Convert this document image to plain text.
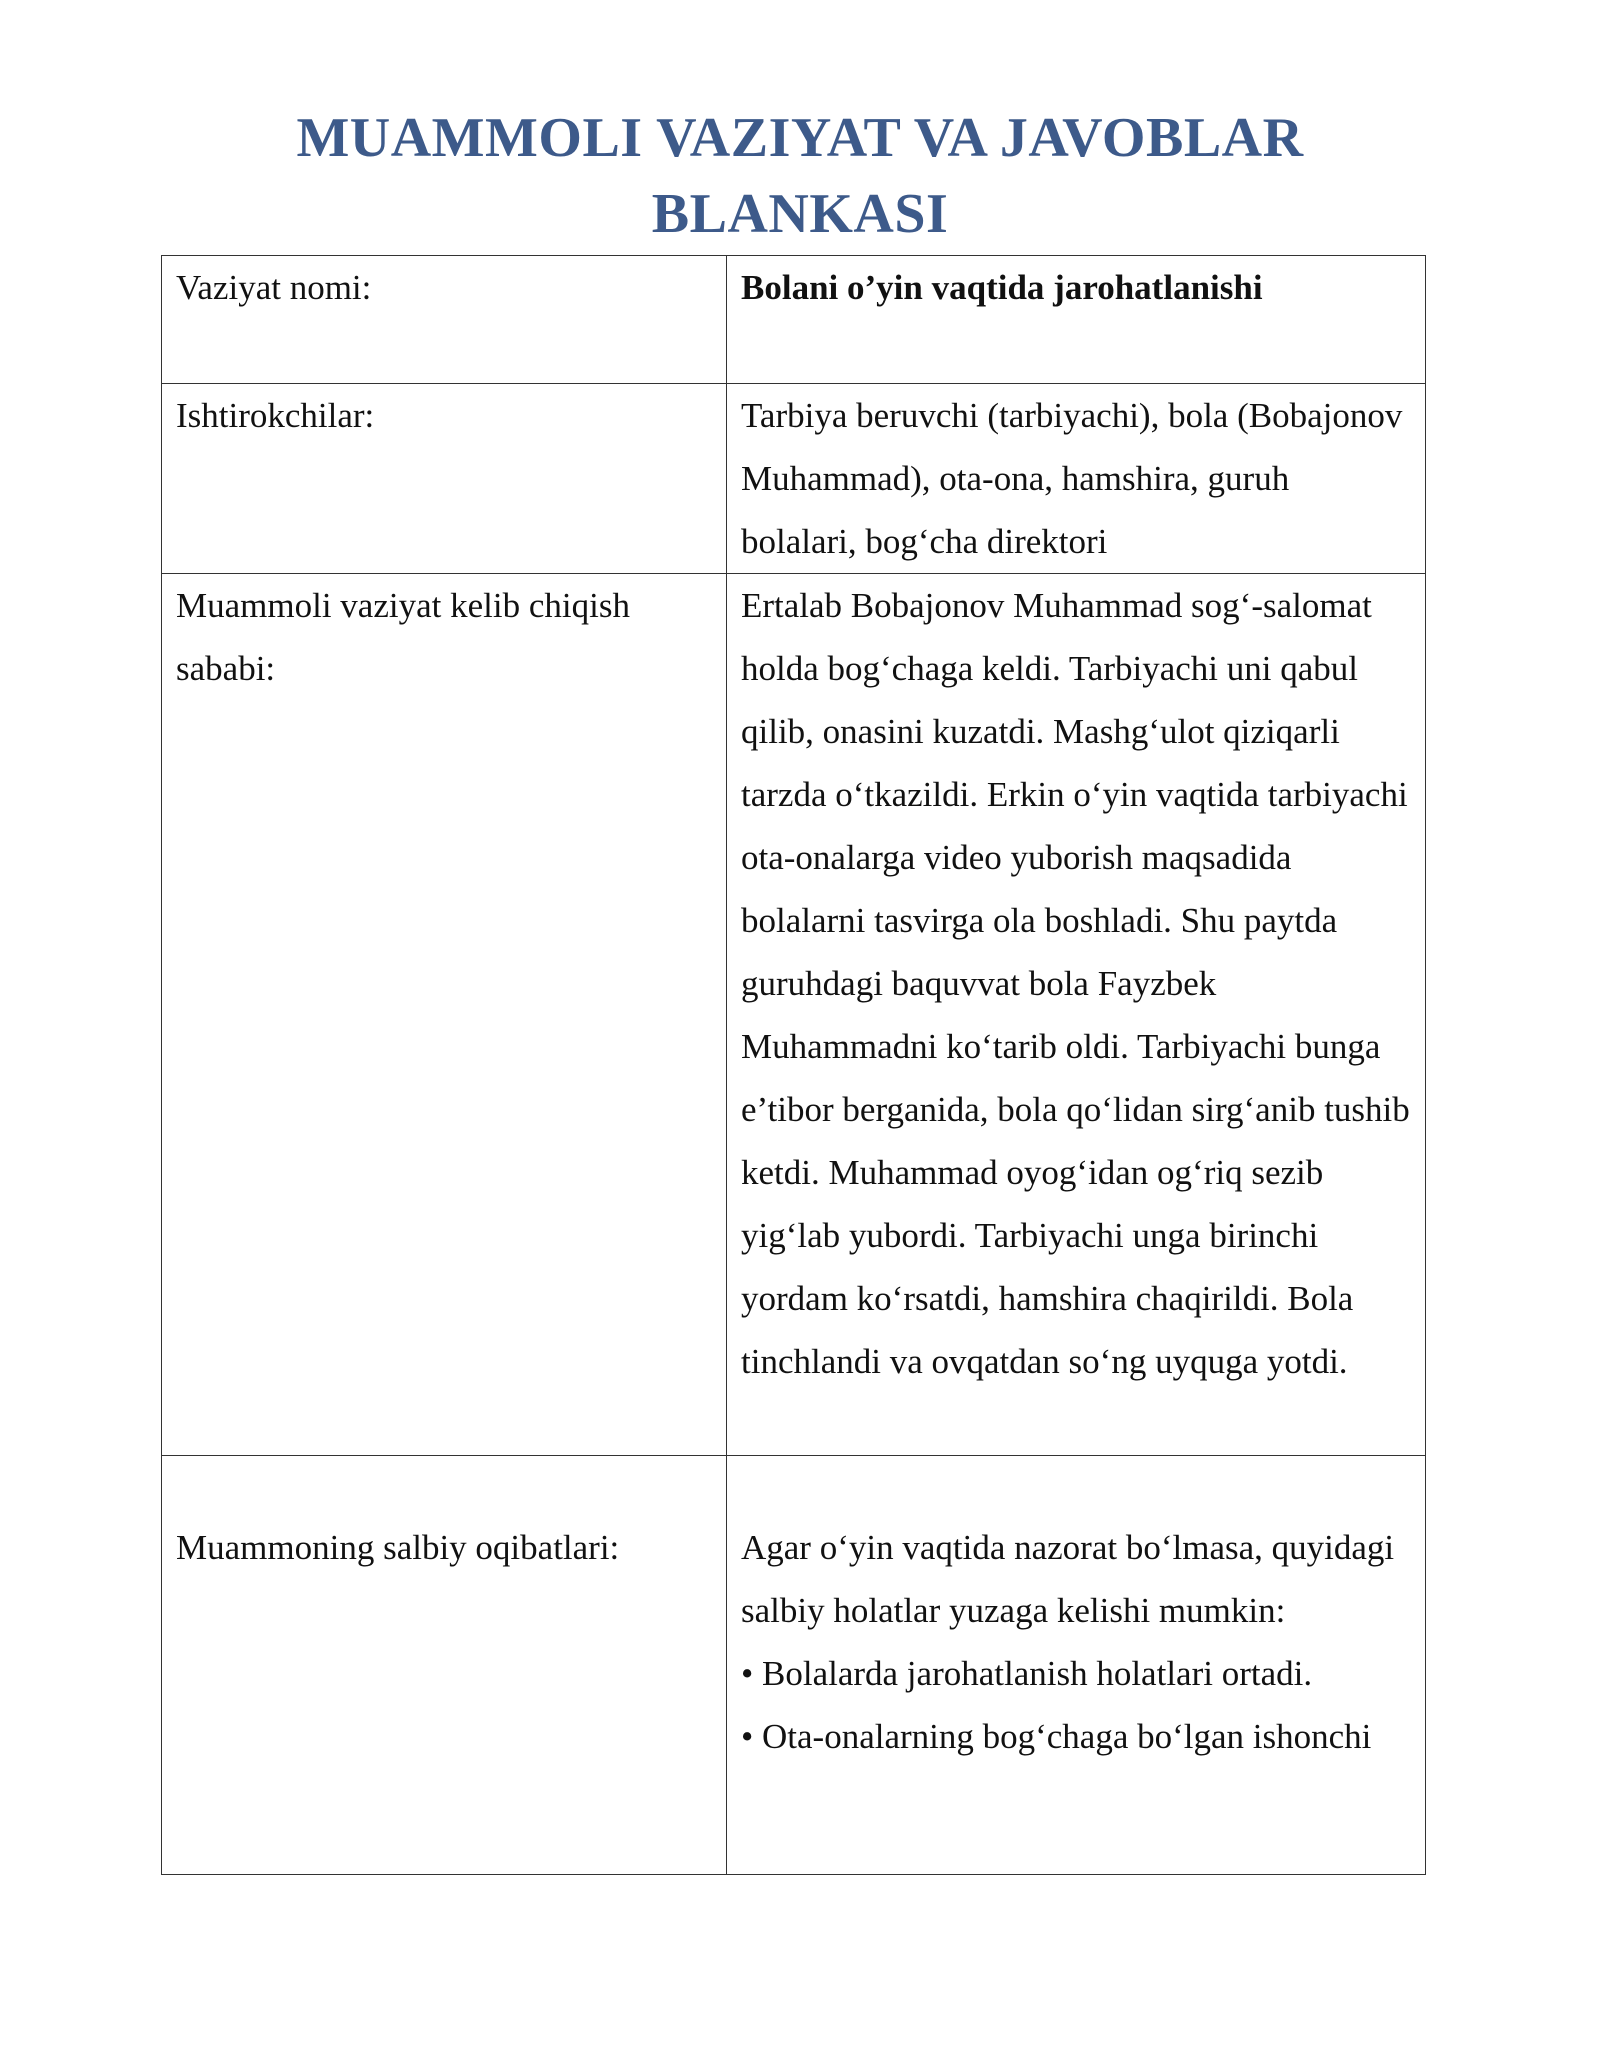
MUAMMOLI VAZIYAT VA JAVOBLAR
BLANKASI
Vaziyat nomi:	Bolani o’yin vaqtida jarohatlanishi
Ishtirokchilar:	Tarbiya beruvchi (tarbiyachi), bola (Bobajonov Muhammad), ota-ona, hamshira, guruh bolalari, bog‘cha direktori
Muammoli vaziyat kelib chiqish sababi:	Ertalab Bobajonov Muhammad sog‘-salomat holda bog‘chaga keldi. Tarbiyachi uni qabul qilib, onasini kuzatdi. Mashg‘ulot qiziqarli tarzda o‘tkazildi. Erkin o‘yin vaqtida tarbiyachi ota-onalarga video yuborish maqsadida bolalarni tasvirga ola boshladi. Shu paytda guruhdagi baquvvat bola Fayzbek Muhammadni ko‘tarib oldi. Tarbiyachi bunga e’tibor berganida, bola qo‘lidan sirg‘anib tushib ketdi. Muhammad oyog‘idan og‘riq sezib yig‘lab yubordi. Tarbiyachi unga birinchi yordam ko‘rsatdi, hamshira chaqirildi. Bola tinchlandi va ovqatdan so‘ng uyquga yotdi.
Muammoning salbiy oqibatlari:	Agar o‘yin vaqtida nazorat bo‘lmasa, quyidagi salbiy holatlar yuzaga kelishi mumkin:
• Bolalarda jarohatlanish holatlari ortadi.
• Ota-onalarning bog‘chaga bo‘lgan ishonchi
